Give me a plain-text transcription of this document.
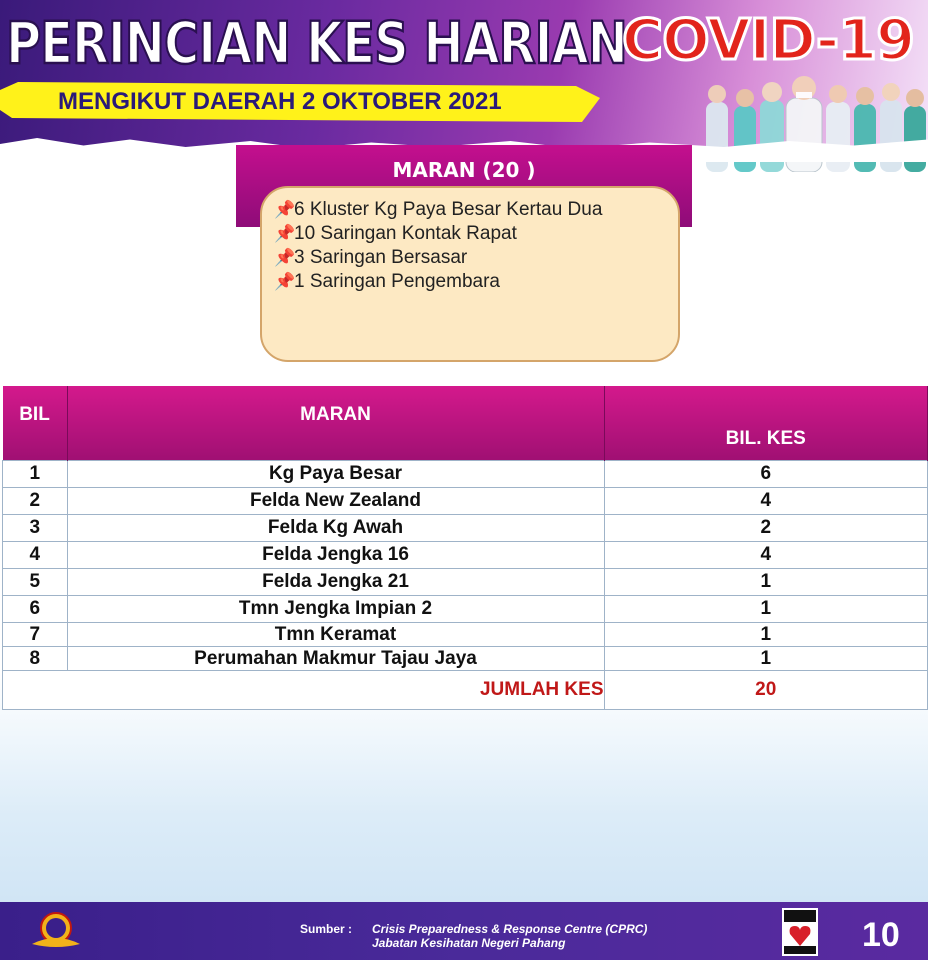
PERINCIAN KES HARIAN
COVID-19
MENGIKUT DAERAH 2 OKTOBER 2021
MARAN (20 )
📌6 Kluster Kg Paya Besar Kertau Dua
📌10 Saringan Kontak Rapat
📌3 Saringan Bersasar
📌1 Saringan Pengembara
BIL	MARAN	BIL. KES
1	Kg Paya Besar	6
2	Felda New Zealand	4
3	Felda Kg Awah	2
4	Felda Jengka 16	4
5	Felda Jengka 21	1
6	Tmn Jengka Impian 2	1
7	Tmn Keramat	1
8	Perumahan Makmur Tajau Jaya	1
JUMLAH KES		20
Sumber : Crisis Preparedness & Response Centre (CPRC)
Jabatan Kesihatan Negeri Pahang	10
